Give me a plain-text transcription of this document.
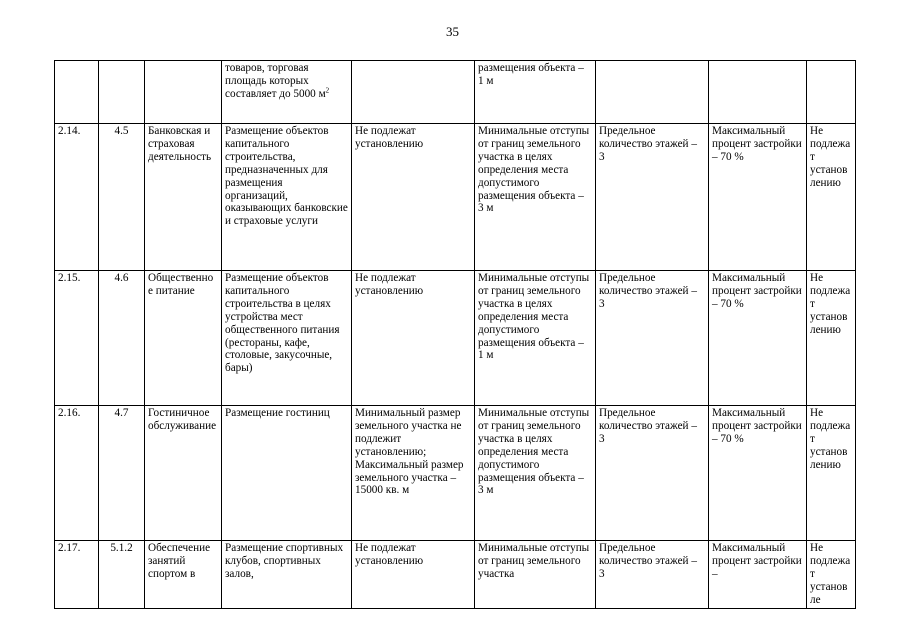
35
			товаров, торговая площадь которых составляет до 5000 $м^2$		размещения объекта – 1 м			
2.14.	4.5	Банковская и страховая деятельность	Размещение объектов капитального строительства, предназначенных для размещения организаций, оказывающих банковские и страховые услуги	Не подлежат установлению	Минимальные отступы от границ земельного участка в целях определения места допустимого размещения объекта – 3 м	Предельное количество этажей – 3	Максимальный процент застройки – 70 %	Не подлежат установлению
2.15.	4.6	Общественное питание	Размещение объектов капитального строительства в целях устройства мест общественного питания (рестораны, кафе, столовые, закусочные, бары)	Не подлежат установлению	Минимальные отступы от границ земельного участка в целях определения места допустимого размещения объекта – 1 м	Предельное количество этажей – 3	Максимальный процент застройки – 70 %	Не подлежат установлению
2.16.	4.7	Гостиничное обслуживание	Размещение гостиниц	Минимальный размер земельного участка не подлежит установлению; Максимальный размер земельного участка – 15000 кв. м	Минимальные отступы от границ земельного участка в целях определения места допустимого размещения объекта – 3 м	Предельное количество этажей – 3	Максимальный процент застройки – 70 %	Не подлежат установлению
2.17.	5.1.2	Обеспечение занятий спортом в	Размещение спортивных клубов, спортивных залов,	Не подлежат установлению	Минимальные отступы от границ земельного участка	Предельное количество этажей – 3	Максимальный процент застройки –	Не подлежат установле
